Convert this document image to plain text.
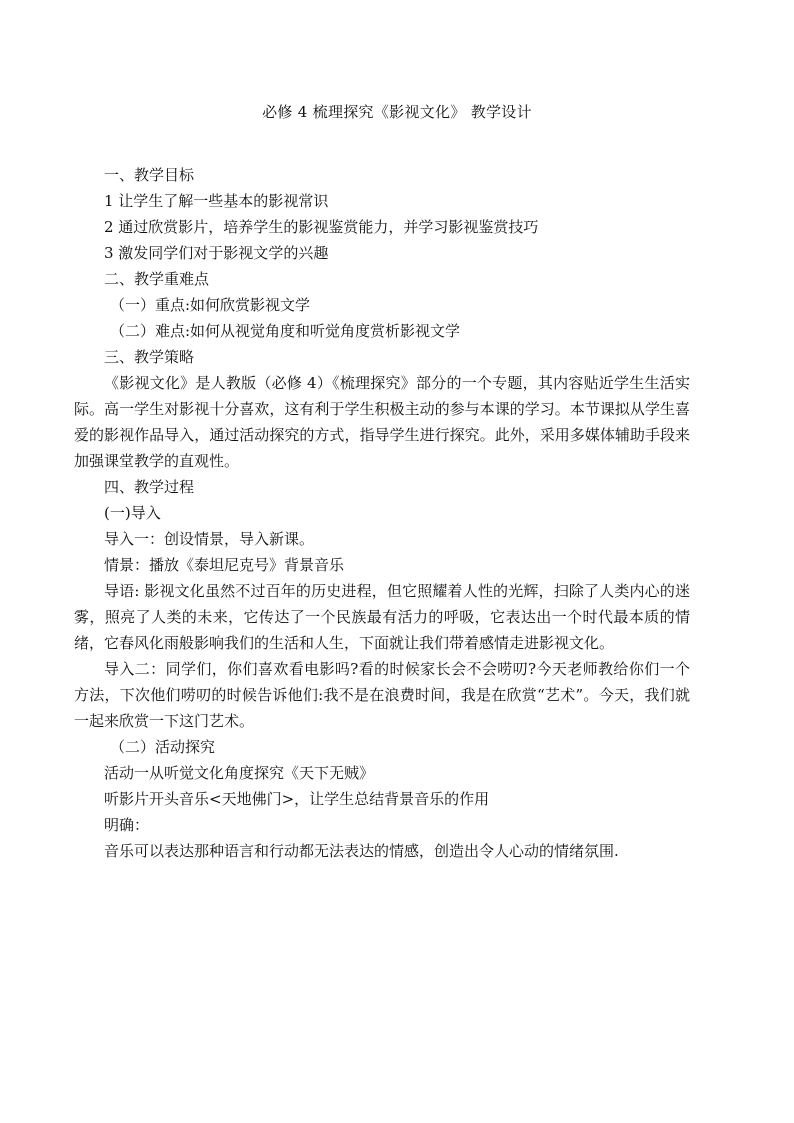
必修 4 梳理探究《影视文化》 教学设计

一、教学目标

1 让学生了解一些基本的影视常识

2 通过欣赏影片，培养学生的影视鉴赏能力，并学习影视鉴赏技巧

3 激发同学们对于影视文学的兴趣

二、教学重难点

（一）重点:如何欣赏影视文学

（二）难点:如何从视觉角度和听觉角度赏析影视文学

三、教学策略

《影视文化》是人教版（必修 4）《梳理探究》部分的一个专题，其内容贴近学生生活实际。高一学生对影视十分喜欢，这有利于学生积极主动的参与本课的学习。本节课拟从学生喜爱的影视作品导入，通过活动探究的方式，指导学生进行探究。此外，采用多媒体辅助手段来加强课堂教学的直观性。

四、教学过程

(一)导入

导入一：创设情景，导入新课。

情景：播放《泰坦尼克号》背景音乐

导语: 影视文化虽然不过百年的历史进程，但它照耀着人性的光辉，扫除了人类内心的迷雾，照亮了人类的未来，它传达了一个民族最有活力的呼吸，它表达出一个时代最本质的情绪，它春风化雨般影响我们的生活和人生，下面就让我们带着感情走进影视文化。

导入二：同学们，你们喜欢看电影吗?看的时候家长会不会唠叨?今天老师教给你们一个方法，下次他们唠叨的时候告诉他们:我不是在浪费时间，我是在欣赏“艺术”。今天，我们就一起来欣赏一下这门艺术。

（二）活动探究

活动一从听觉文化角度探究《天下无贼》

听影片开头音乐<天地佛门>，让学生总结背景音乐的作用

明确：

音乐可以表达那种语言和行动都无法表达的情感，创造出令人心动的情绪氛围.
